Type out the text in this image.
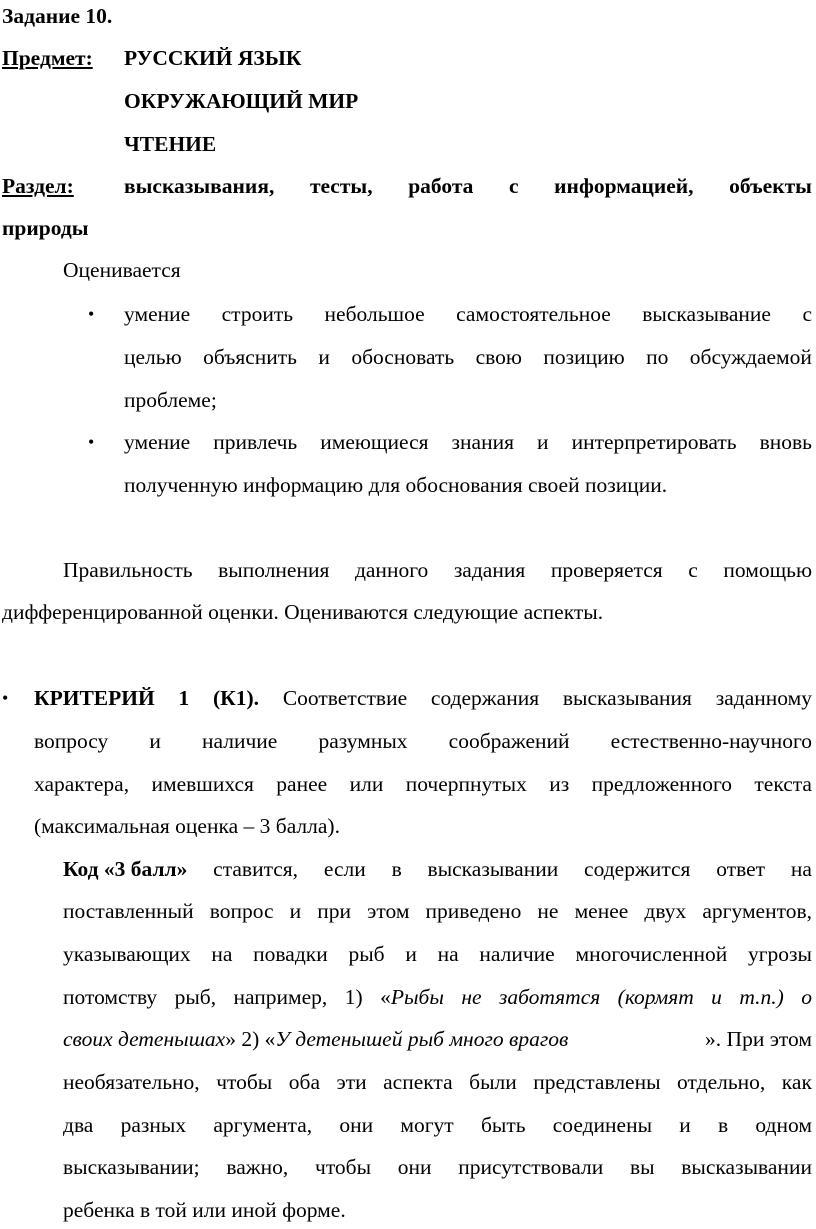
Задание 10.
Предмет: РУССКИЙ ЯЗЫК
ОКРУЖАЮЩИЙ МИР
ЧТЕНИЕ
Раздел: высказывания, тесты, работа с информацией, объекты
природы
Оценивается
• умение строить небольшое самостоятельное высказывание с
целью объяснить и обосновать свою позицию по обсуждаемой
проблеме;
• умение привлечь имеющиеся знания и интерпретировать вновь
полученную информацию для обоснования своей позиции.
Правильность выполнения данного задания проверяется с помощью
дифференцированной оценки. Оцениваются следующие аспекты.
• КРИТЕРИЙ 1 (К1). Соответствие содержания высказывания заданному
вопросу и наличие разумных соображений естественно-научного
характера, имевшихся ранее или почерпнутых из предложенного текста
(максимальная оценка – 3 балла).
Код «3 балл» ставится, если в высказывании содержится ответ на
поставленный вопрос и при этом приведено не менее двух аргументов,
указывающих на повадки рыб и на наличие многочисленной угрозы
потомству рыб, например, 1) «Рыбы не заботятся (кормят и т.п.) о
своих детенышах» 2) «У детенышей рыб много врагов	». При этом
необязательно, чтобы оба эти аспекта были представлены отдельно, как
два разных аргумента, они могут быть соединены и в одном
высказывании; важно, чтобы они присутствовали вы высказывании
ребенка в той или иной форме.
